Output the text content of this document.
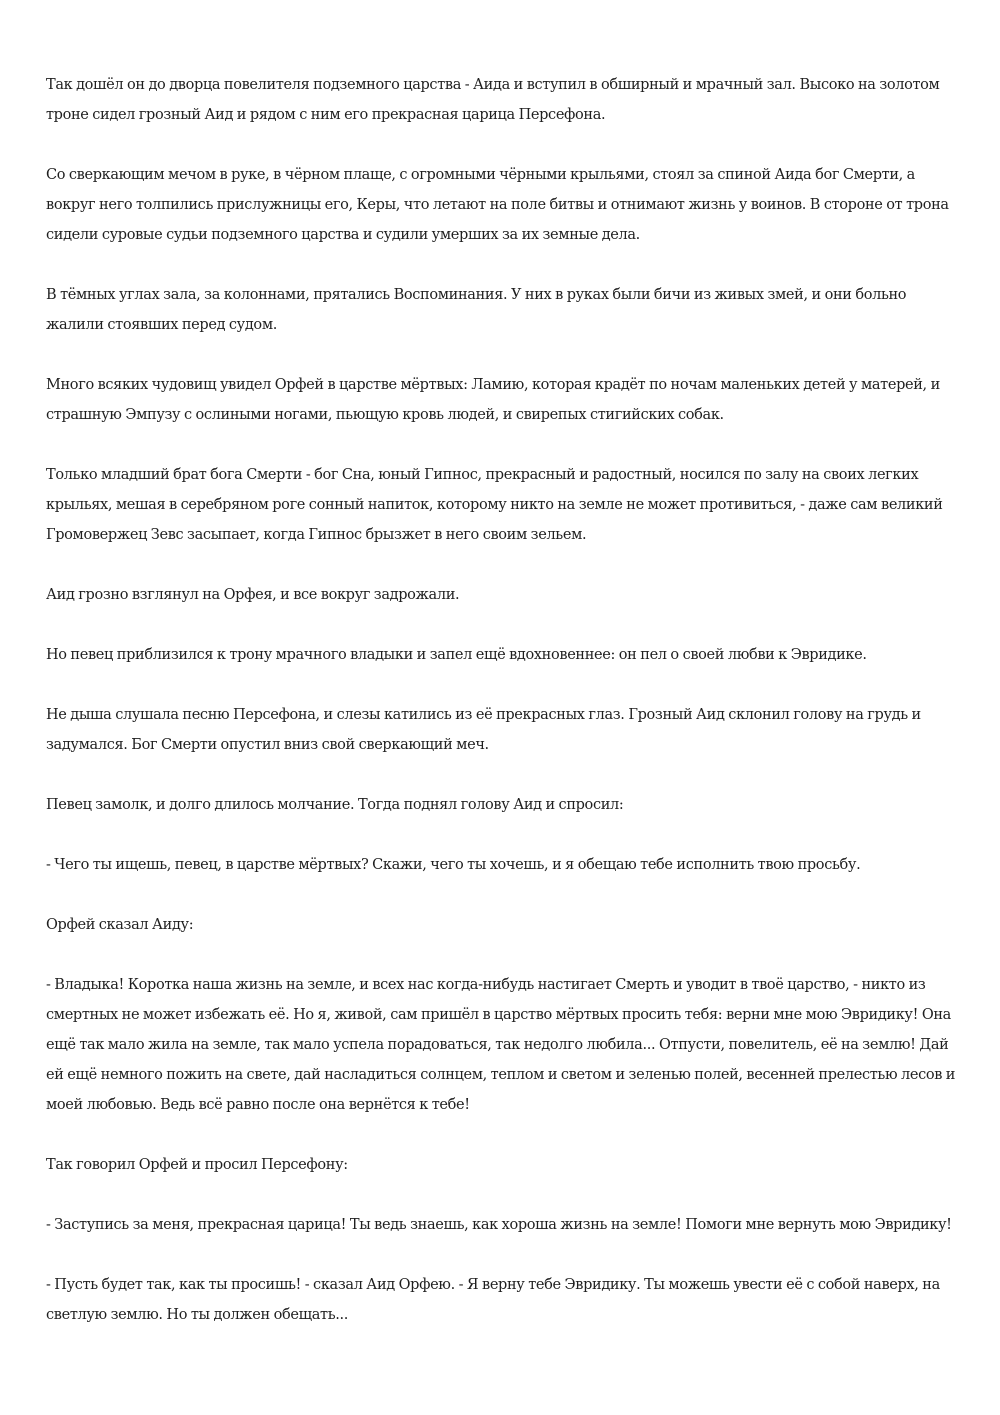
Так дошёл он до дворца повелителя подземного царства - Аида и вступил в обширный и мрачный зал. Высоко на золотом троне сидел грозный Аид и рядом с ним его прекрасная царица Персефона.

Со сверкающим мечом в руке, в чёрном плаще, с огромными чёрными крыльями, стоял за спиной Аида бог Смерти, а вокруг него толпились прислужницы его, Керы, что летают на поле битвы и отнимают жизнь у воинов. В стороне от трона сидели суровые судьи подземного царства и судили умерших за их земные дела.

В тёмных углах зала, за колоннами, прятались Воспоминания. У них в руках были бичи из живых змей, и они больно жалили стоявших перед судом.

Много всяких чудовищ увидел Орфей в царстве мёртвых: Ламию, которая крадёт по ночам маленьких детей у матерей, и страшную Эмпузу с ослиными ногами, пьющую кровь людей, и свирепых стигийских собак.

Только младший брат бога Смерти - бог Сна, юный Гипнос, прекрасный и радостный, носился по залу на своих легких крыльях, мешая в серебряном роге сонный напиток, которому никто на земле не может противиться, - даже сам великий Громовержец Зевс засыпает, когда Гипнос брызжет в него своим зельем.

Аид грозно взглянул на Орфея, и все вокруг задрожали.

Но певец приблизился к трону мрачного владыки и запел ещё вдохновеннее: он пел о своей любви к Эвридике.

Не дыша слушала песню Персефона, и слезы катились из её прекрасных глаз. Грозный Аид склонил голову на грудь и задумался. Бог Смерти опустил вниз свой сверкающий меч.

Певец замолк, и долго длилось молчание. Тогда поднял голову Аид и спросил:

- Чего ты ищешь, певец, в царстве мёртвых? Скажи, чего ты хочешь, и я обещаю тебе исполнить твою просьбу.

Орфей сказал Аиду:

- Владыка! Коротка наша жизнь на земле, и всех нас когда-нибудь настигает Смерть и уводит в твоё царство, - никто из смертных не может избежать её. Но я, живой, сам пришёл в царство мёртвых просить тебя: верни мне мою Эвридику! Она ещё так мало жила на земле, так мало успела порадоваться, так недолго любила... Отпусти, повелитель, её на землю! Дай ей ещё немного пожить на свете, дай насладиться солнцем, теплом и светом и зеленью полей, весенней прелестью лесов и моей любовью. Ведь всё равно после она вернётся к тебе!

Так говорил Орфей и просил Персефону:

- Заступись за меня, прекрасная царица! Ты ведь знаешь, как хороша жизнь на земле! Помоги мне вернуть мою Эвридику!

- Пусть будет так, как ты просишь! - сказал Аид Орфею. - Я верну тебе Эвридику. Ты можешь увести её с собой наверх, на светлую землю. Но ты должен обещать...
